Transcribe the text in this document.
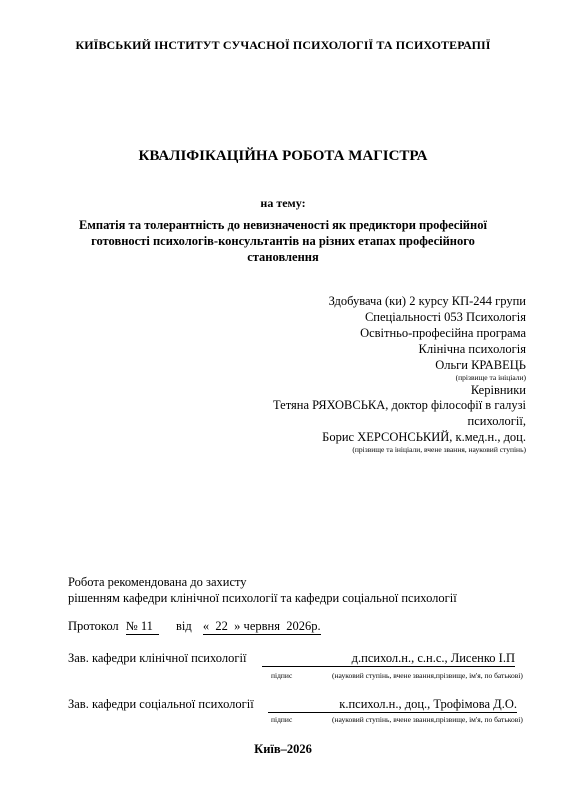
КИЇВСЬКИЙ ІНСТИТУТ СУЧАСНОЇ ПСИХОЛОГІЇ ТА ПСИХОТЕРАПІЇ
КВАЛІФІКАЦІЙНА РОБОТА МАГІСТРА
на тему:
Емпатія та толерантність до невизначеності як предиктори професійної готовності психологів-консультантів на різних етапах професійного становлення
Здобувача (ки) 2 курсу КП-244 групи
Спеціальності 053 Психологія
Освітньо-професійна програма
Клінічна психологія
Ольги КРАВЕЦЬ
(прізвище та ініціали)
Керівники
Тетяна РЯХОВСЬКА, доктор філософії в галузі
психології,
Борис ХЕРСОНСЬКИЙ, к.мед.н., доц.
(прізвище та ініціали, вчене звання, науковий ступінь)
Робота рекомендована до захисту
рішенням кафедри клінічної психології та кафедри соціальної психології
Протокол № 11 від «  22  » червня  2026р.
Зав. кафедри клінічної психології	д.психол.н., с.н.с., Лисенко І.П
підпис	(науковий ступінь, вчене звання,прізвище, ім'я, по батькові)
Зав. кафедри соціальної психології	к.психол.н., доц., Трофімова Д.О.
підпис	(науковий ступінь, вчене звання,прізвище, ім'я, по батькові)
Київ–2026
